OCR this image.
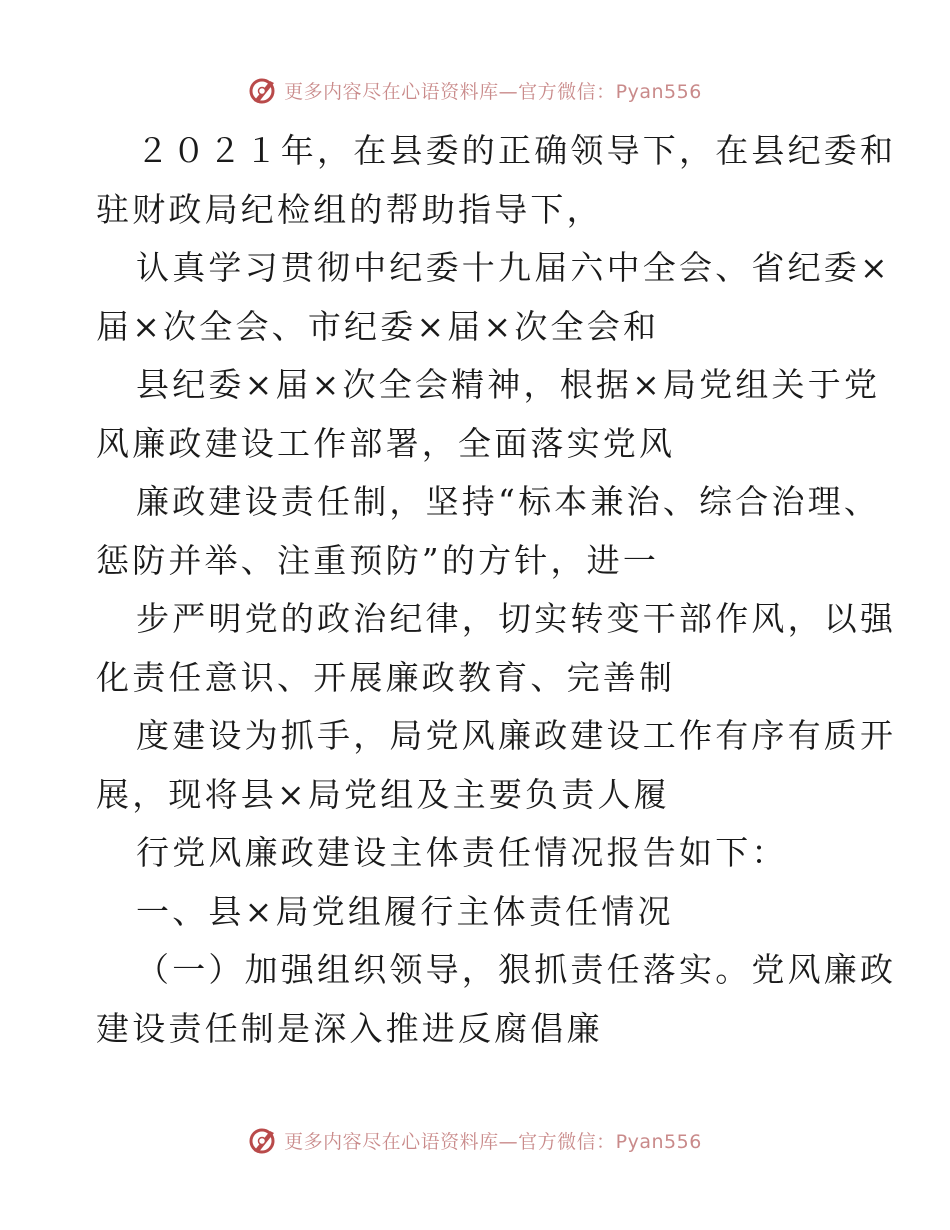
更多内容尽在心语资料库—官方微信：Pyan556

２０２１年，在县委的正确领导下，在县纪委和
驻财政局纪检组的帮助指导下，

认真学习贯彻中纪委十九届六中全会、省纪委×
届×次全会、市纪委×届×次全会和

县纪委×届×次全会精神，根据×局党组关于党
风廉政建设工作部署，全面落实党风

廉政建设责任制，坚持“标本兼治、综合治理、
惩防并举、注重预防”的方针，进一

步严明党的政治纪律，切实转变干部作风，以强
化责任意识、开展廉政教育、完善制

度建设为抓手，局党风廉政建设工作有序有质开
展，现将县×局党组及主要负责人履

行党风廉政建设主体责任情况报告如下：

一、县×局党组履行主体责任情况

（一）加强组织领导，狠抓责任落实。党风廉政
建设责任制是深入推进反腐倡廉

更多内容尽在心语资料库—官方微信：Pyan556
